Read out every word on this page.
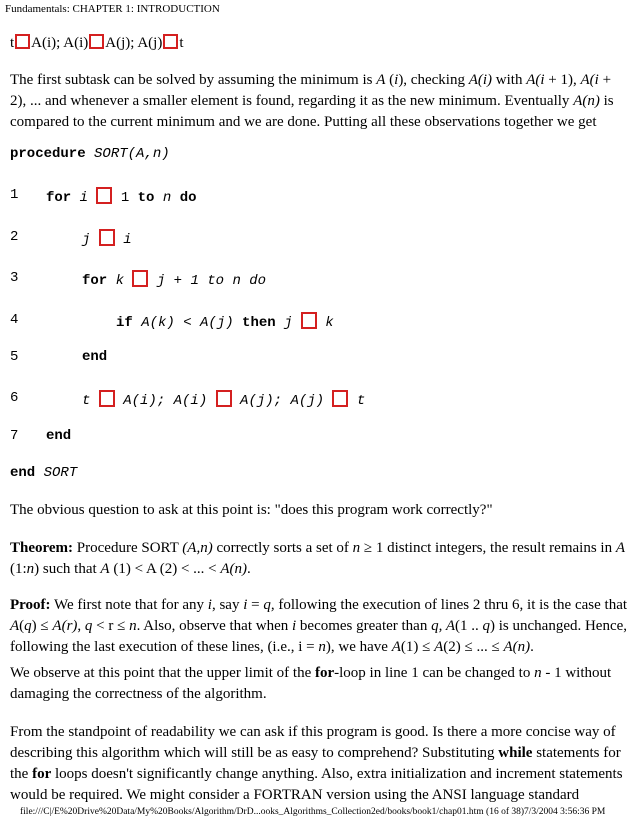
Fundamentals: CHAPTER 1: INTRODUCTION
t A(i); A(i) A(j); A(j) t
The first subtask can be solved by assuming the minimum is A (i), checking A(i) with A(i + 1), A(i + 2), ... and whenever a smaller element is found, regarding it as the new minimum. Eventually A(n) is compared to the current minimum and we are done. Putting all these observations together we get
procedure SORT(A,n)
1 for i 1 to n do
2	j i
3	for k j + 1 to n do
4	if A(k) < A(j) then j k
5	end
6	t A(i); A(i) A(j); A(j) t
7 end
end SORT
The obvious question to ask at this point is: "does this program work correctly?"
Theorem: Procedure SORT (A,n) correctly sorts a set of n ≥ 1 distinct integers, the result remains in A (1:n) such that A (1) < A (2) < ... < A(n).
Proof: We first note that for any i, say i = q, following the execution of lines 2 thru 6, it is the case that A(q) ≤ A(r), q < r ≤ n. Also, observe that when i becomes greater than q, A(1 .. q) is unchanged. Hence, following the last execution of these lines, (i.e., i = n), we have A(1) ≤ A(2) ≤ ... ≤ A(n).
We observe at this point that the upper limit of the for-loop in line 1 can be changed to n - 1 without damaging the correctness of the algorithm.
From the standpoint of readability we can ask if this program is good. Is there a more concise way of describing this algorithm which will still be as easy to comprehend? Substituting while statements for the for loops doesn't significantly change anything. Also, extra initialization and increment statements would be required. We might consider a FORTRAN version using the ANSI language standard
file:///C|/E%20Drive%20Data/My%20Books/Algorithm/DrD...ooks_Algorithms_Collection2ed/books/book1/chap01.htm (16 of 38)7/3/2004 3:56:36 PM
